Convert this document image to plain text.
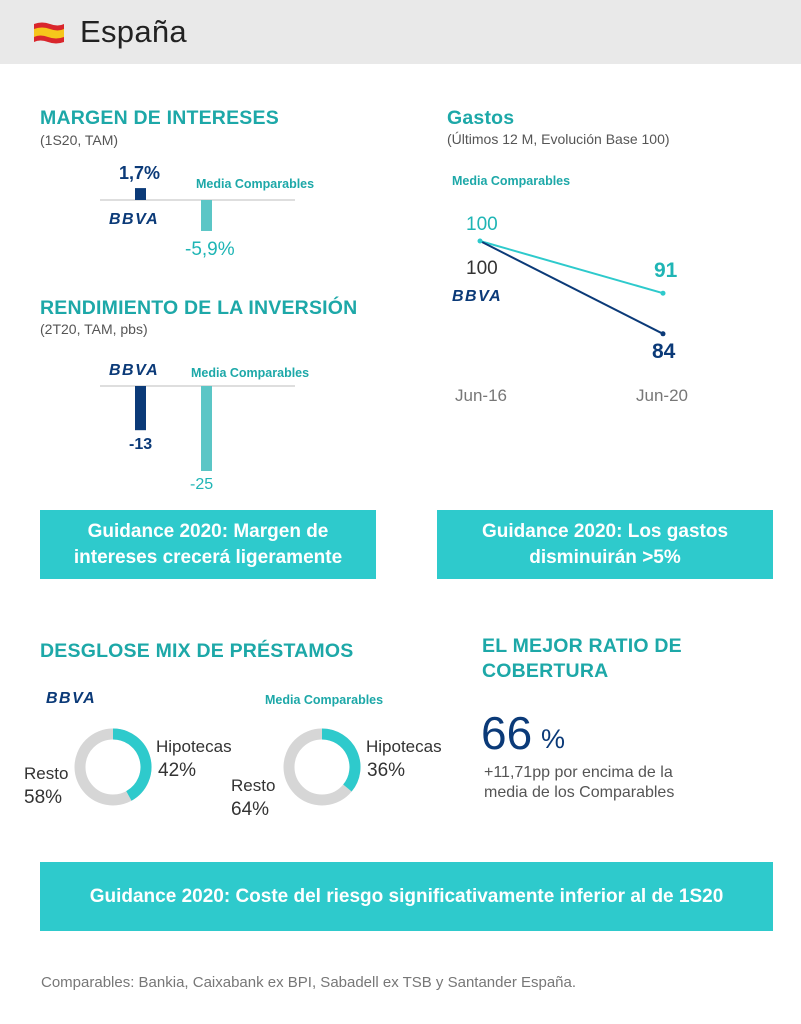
España
MARGEN DE INTERESES
(1S20, TAM)
1,7%
Media Comparables
BBVA
-5,9%
RENDIMIENTO DE LA INVERSIÓN
(2T20, TAM, pbs)
BBVA	Media Comparables
-13
-25
Gastos
(Últimos 12 M, Evolución Base 100)
Media Comparables
100
100
BBVA
91
84
Jun-16	Jun-20
Guidance 2020: Margen de intereses crecerá ligeramente
Guidance 2020: Los gastos disminuirán >5%
DESGLOSE MIX DE PRÉSTAMOS
BBVA	Media Comparables
Hipotecas
42%
Resto
58%
Hipotecas
36%
Resto
64%
EL MEJOR RATIO DE
COBERTURA
66 %
+11,71pp por encima de la
media de los Comparables
Guidance 2020: Coste del riesgo significativamente inferior al de 1S20
Comparables: Bankia, Caixabank ex BPI, Sabadell ex TSB y Santander España.
